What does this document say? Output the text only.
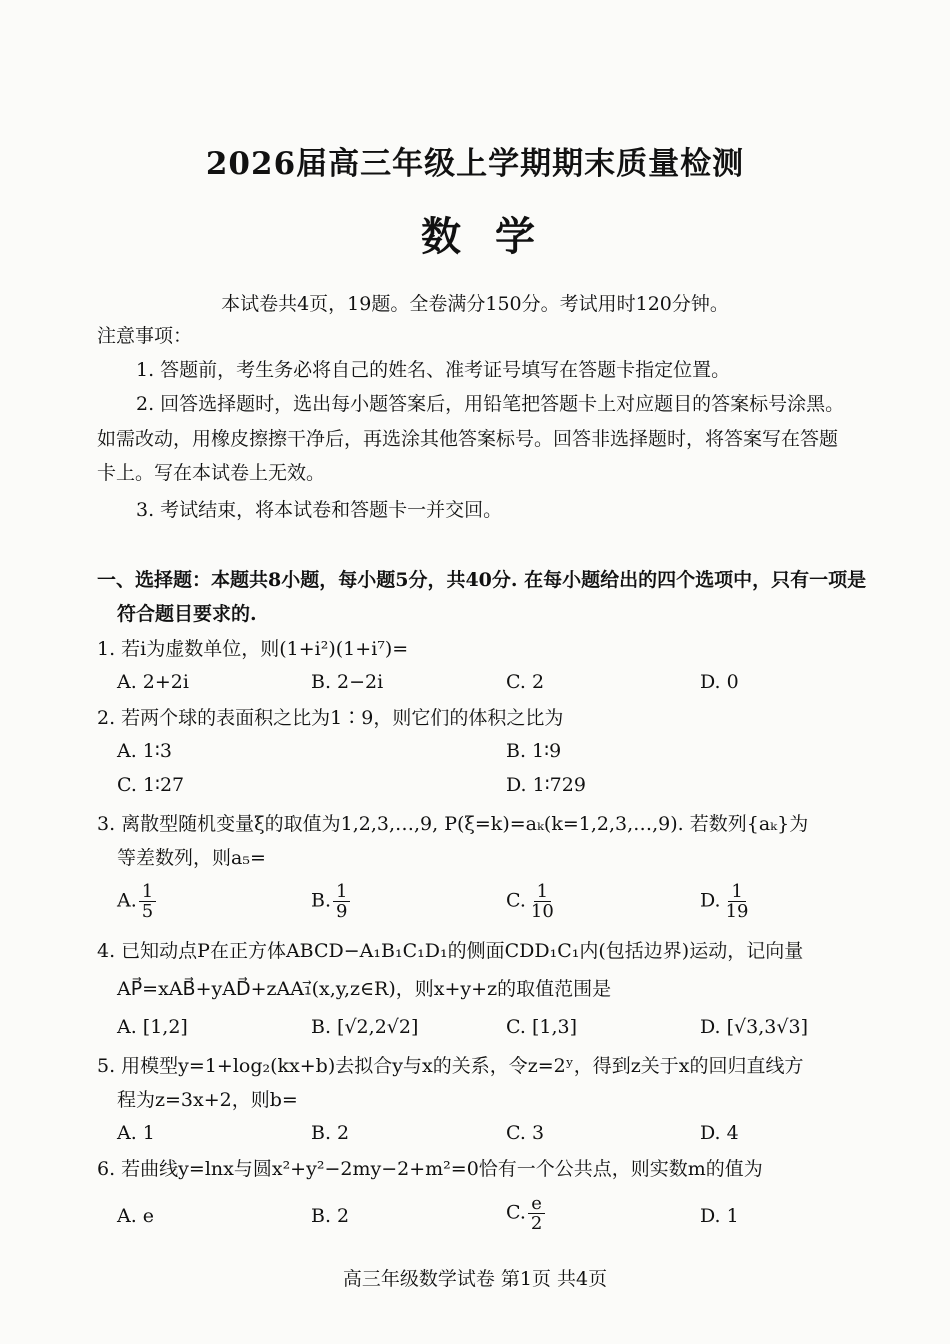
2026届高三年级上学期期末质量检测
数学
本试卷共4页，19题。全卷满分150分。考试用时120分钟。
注意事项：
1. 答题前，考生务必将自己的姓名、准考证号填写在答题卡指定位置。
2. 回答选择题时，选出每小题答案后，用铅笔把答题卡上对应题目的答案标号涂黑。
如需改动，用橡皮擦擦干净后，再选涂其他答案标号。回答非选择题时，将答案写在答题
卡上。写在本试卷上无效。
3. 考试结束，将本试卷和答题卡一并交回。
一、选择题：本题共8小题，每小题5分，共40分. 在每小题给出的四个选项中，只有一项是
符合题目要求的.
1. 若i为虚数单位，则(1+i²)(1+i⁷)=
A. 2+2i	B. 2−2i	C. 2	D. 0
2. 若两个球的表面积之比为1∶9，则它们的体积之比为
A. 1∶3	B. 1∶9
C. 1∶27	D. 1∶729
3. 离散型随机变量ξ的取值为1,2,3,…,9, P(ξ=k)=aₖ(k=1,2,3,…,9). 若数列{aₖ}为
等差数列，则a₅=
A. $\frac{1}{5}$	B. $\frac{1}{9}$	C. $\frac{1}{10}$	D. $\frac{1}{19}$
4. 已知动点P在正方体ABCD−A₁B₁C₁D₁的侧面CDD₁C₁内(包括边界)运动，记向量
AP⃗=xAB⃗+yAD⃗+zAA₁⃗(x,y,z∈R)，则x+y+z的取值范围是
A. [1,2]	B. [√2,2√2]	C. [1,3]	D. [√3,3√3]
5. 用模型y=1+log₂(kx+b)去拟合y与x的关系，令z=2ʸ，得到z关于x的回归直线方
程为z=3x+2，则b=
A. 1	B. 2	C. 3	D. 4
6. 若曲线y=lnx与圆x²+y²−2my−2+m²=0恰有一个公共点，则实数m的值为
A. e	B. 2	C. $\frac{e}{2}$	D. 1
高三年级数学试卷 第1页 共4页
